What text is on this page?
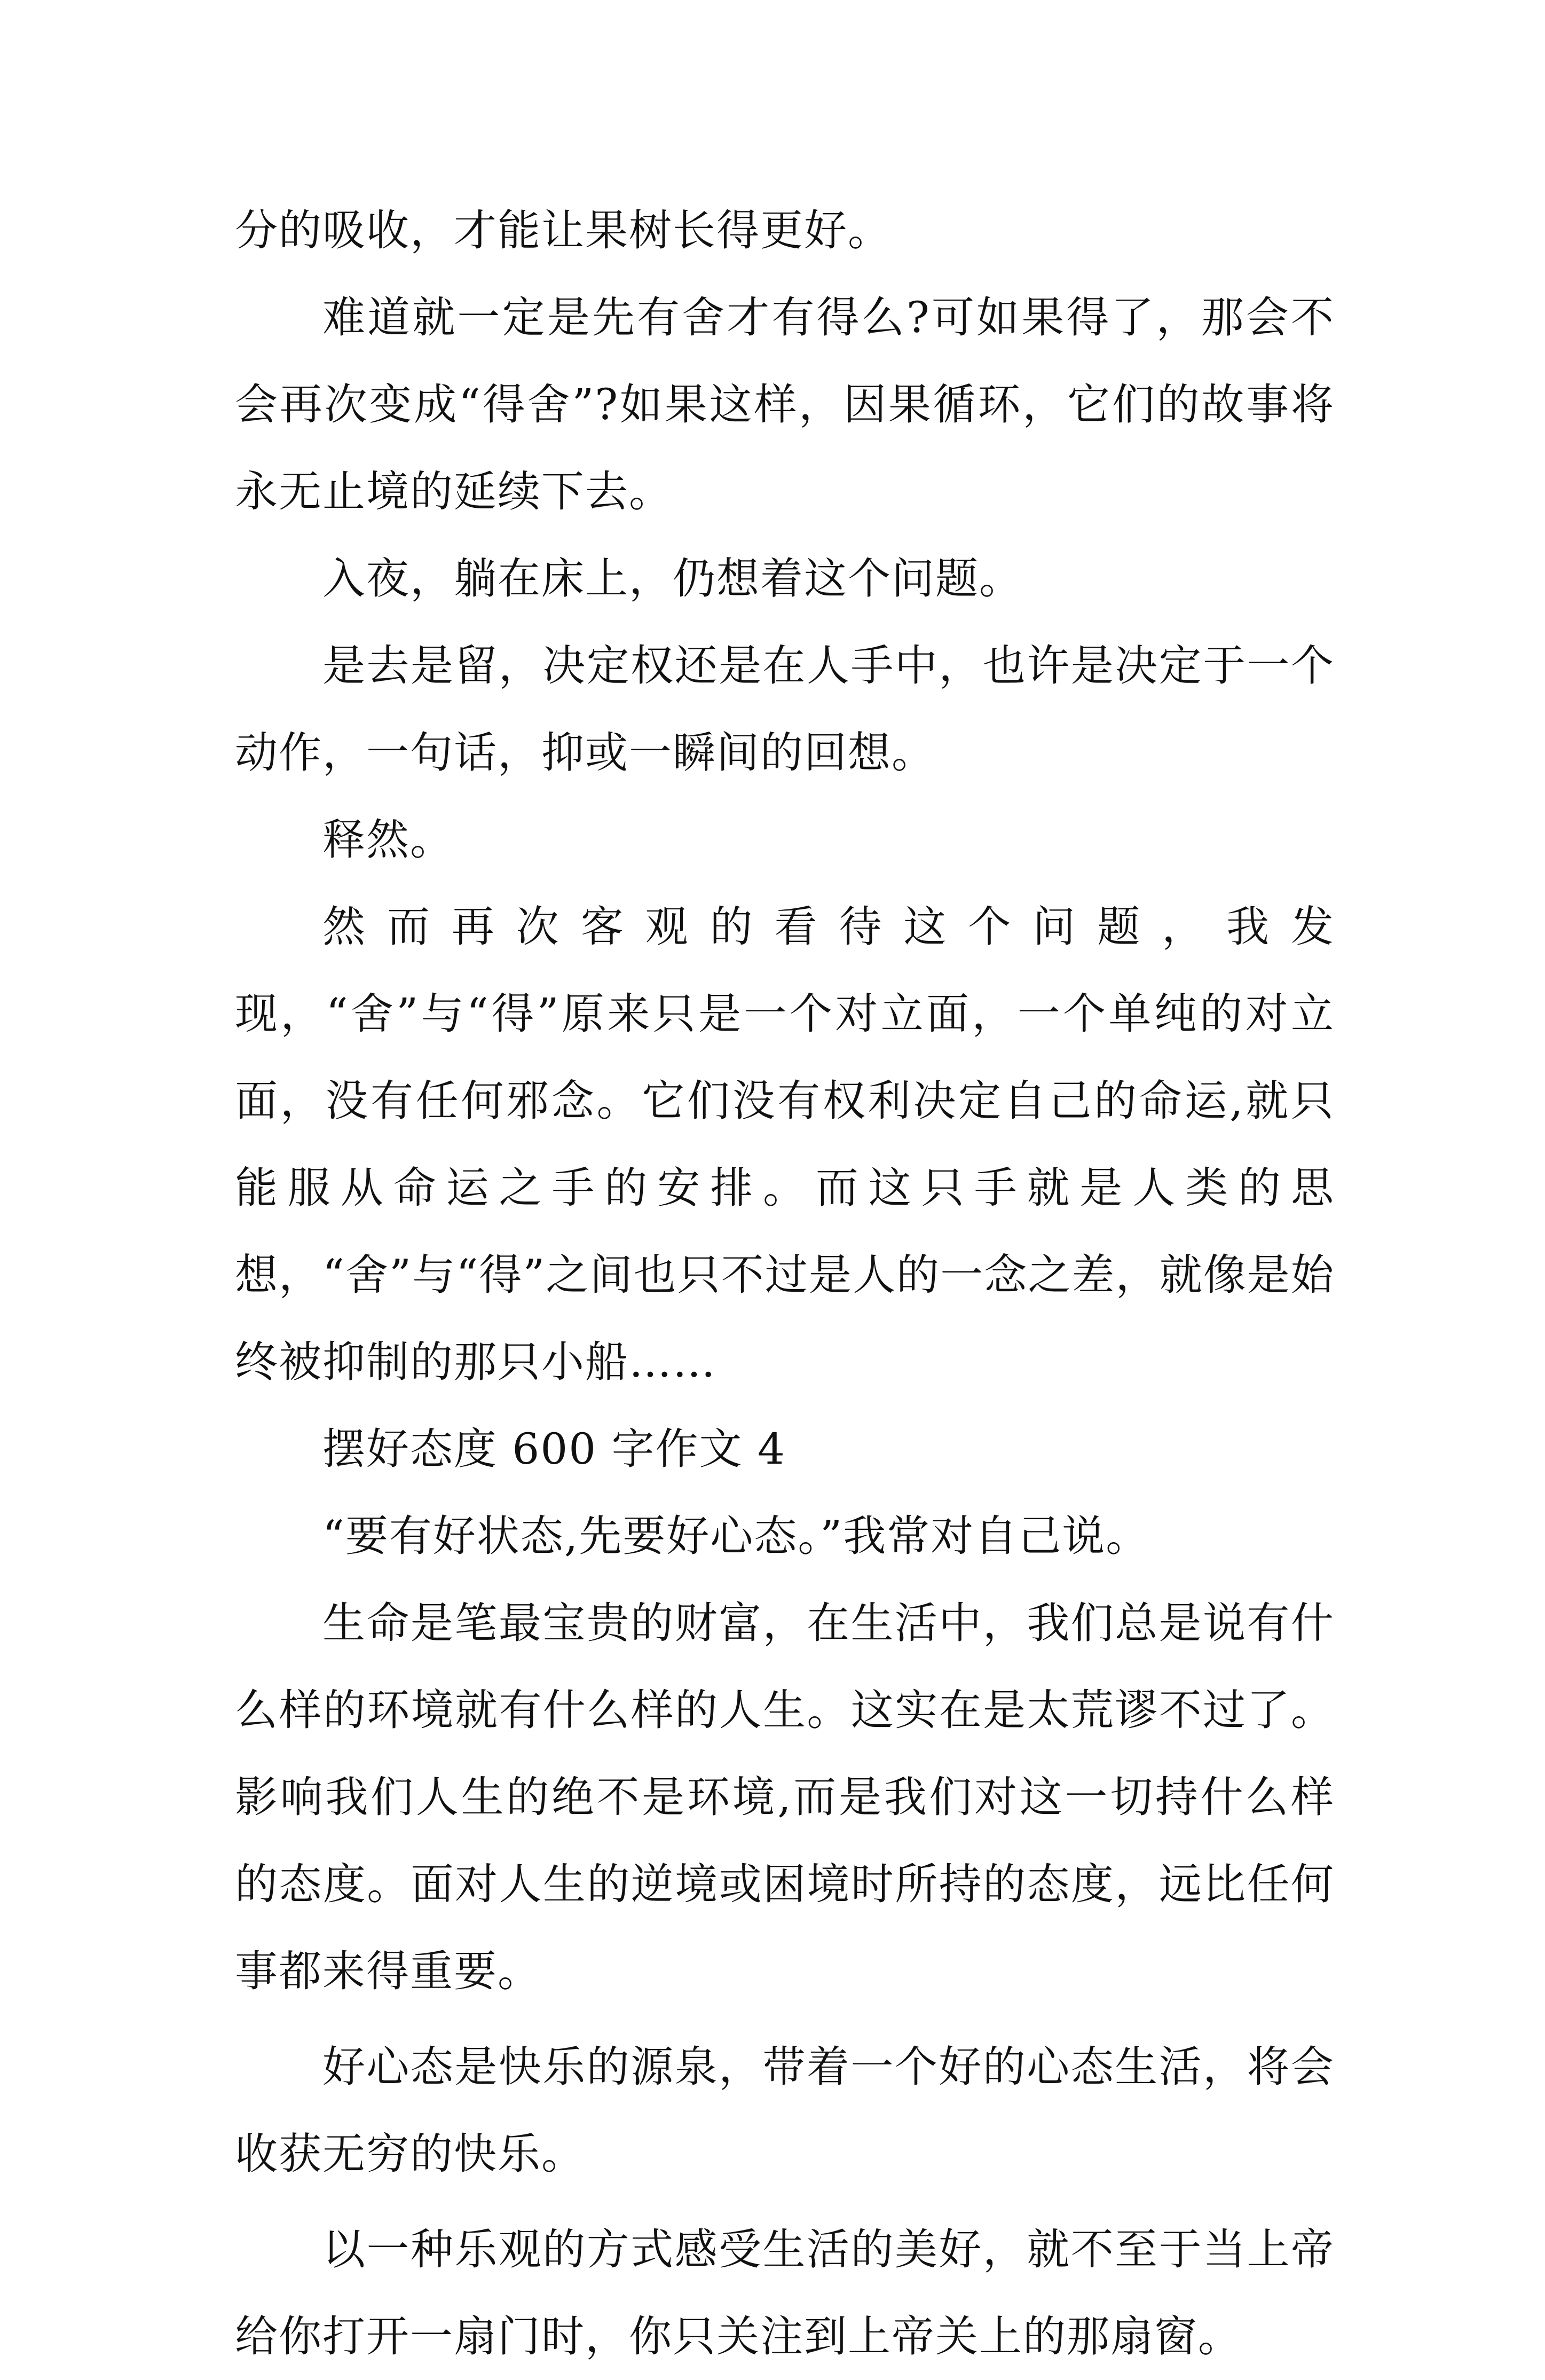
分的吸收，才能让果树长得更好。

难道就一定是先有舍才有得么?可如果得了，那会不会再次变成“得舍”?如果这样，因果循环，它们的故事将永无止境的延续下去。

入夜，躺在床上，仍想着这个问题。

是去是留，决定权还是在人手中，也许是决定于一个动作，一句话，抑或一瞬间的回想。

释然。

然而再次客观的看待这个问题，我发现，“舍”与“得”原来只是一个对立面，一个单纯的对立面，没有任何邪念。它们没有权利决定自己的命运,就只能服从命运之手的安排。而这只手就是人类的思想，“舍”与“得”之间也只不过是人的一念之差，就像是始终被抑制的那只小船……

摆好态度 600 字作文 4

“要有好状态,先要好心态。”我常对自己说。

生命是笔最宝贵的财富，在生活中，我们总是说有什么样的环境就有什么样的人生。这实在是太荒谬不过了。影响我们人生的绝不是环境,而是我们对这一切持什么样的态度。面对人生的逆境或困境时所持的态度，远比任何事都来得重要。

好心态是快乐的源泉，带着一个好的心态生活，将会收获无穷的快乐。

以一种乐观的方式感受生活的美好，就不至于当上帝给你打开一扇门时，你只关注到上帝关上的那扇窗。
